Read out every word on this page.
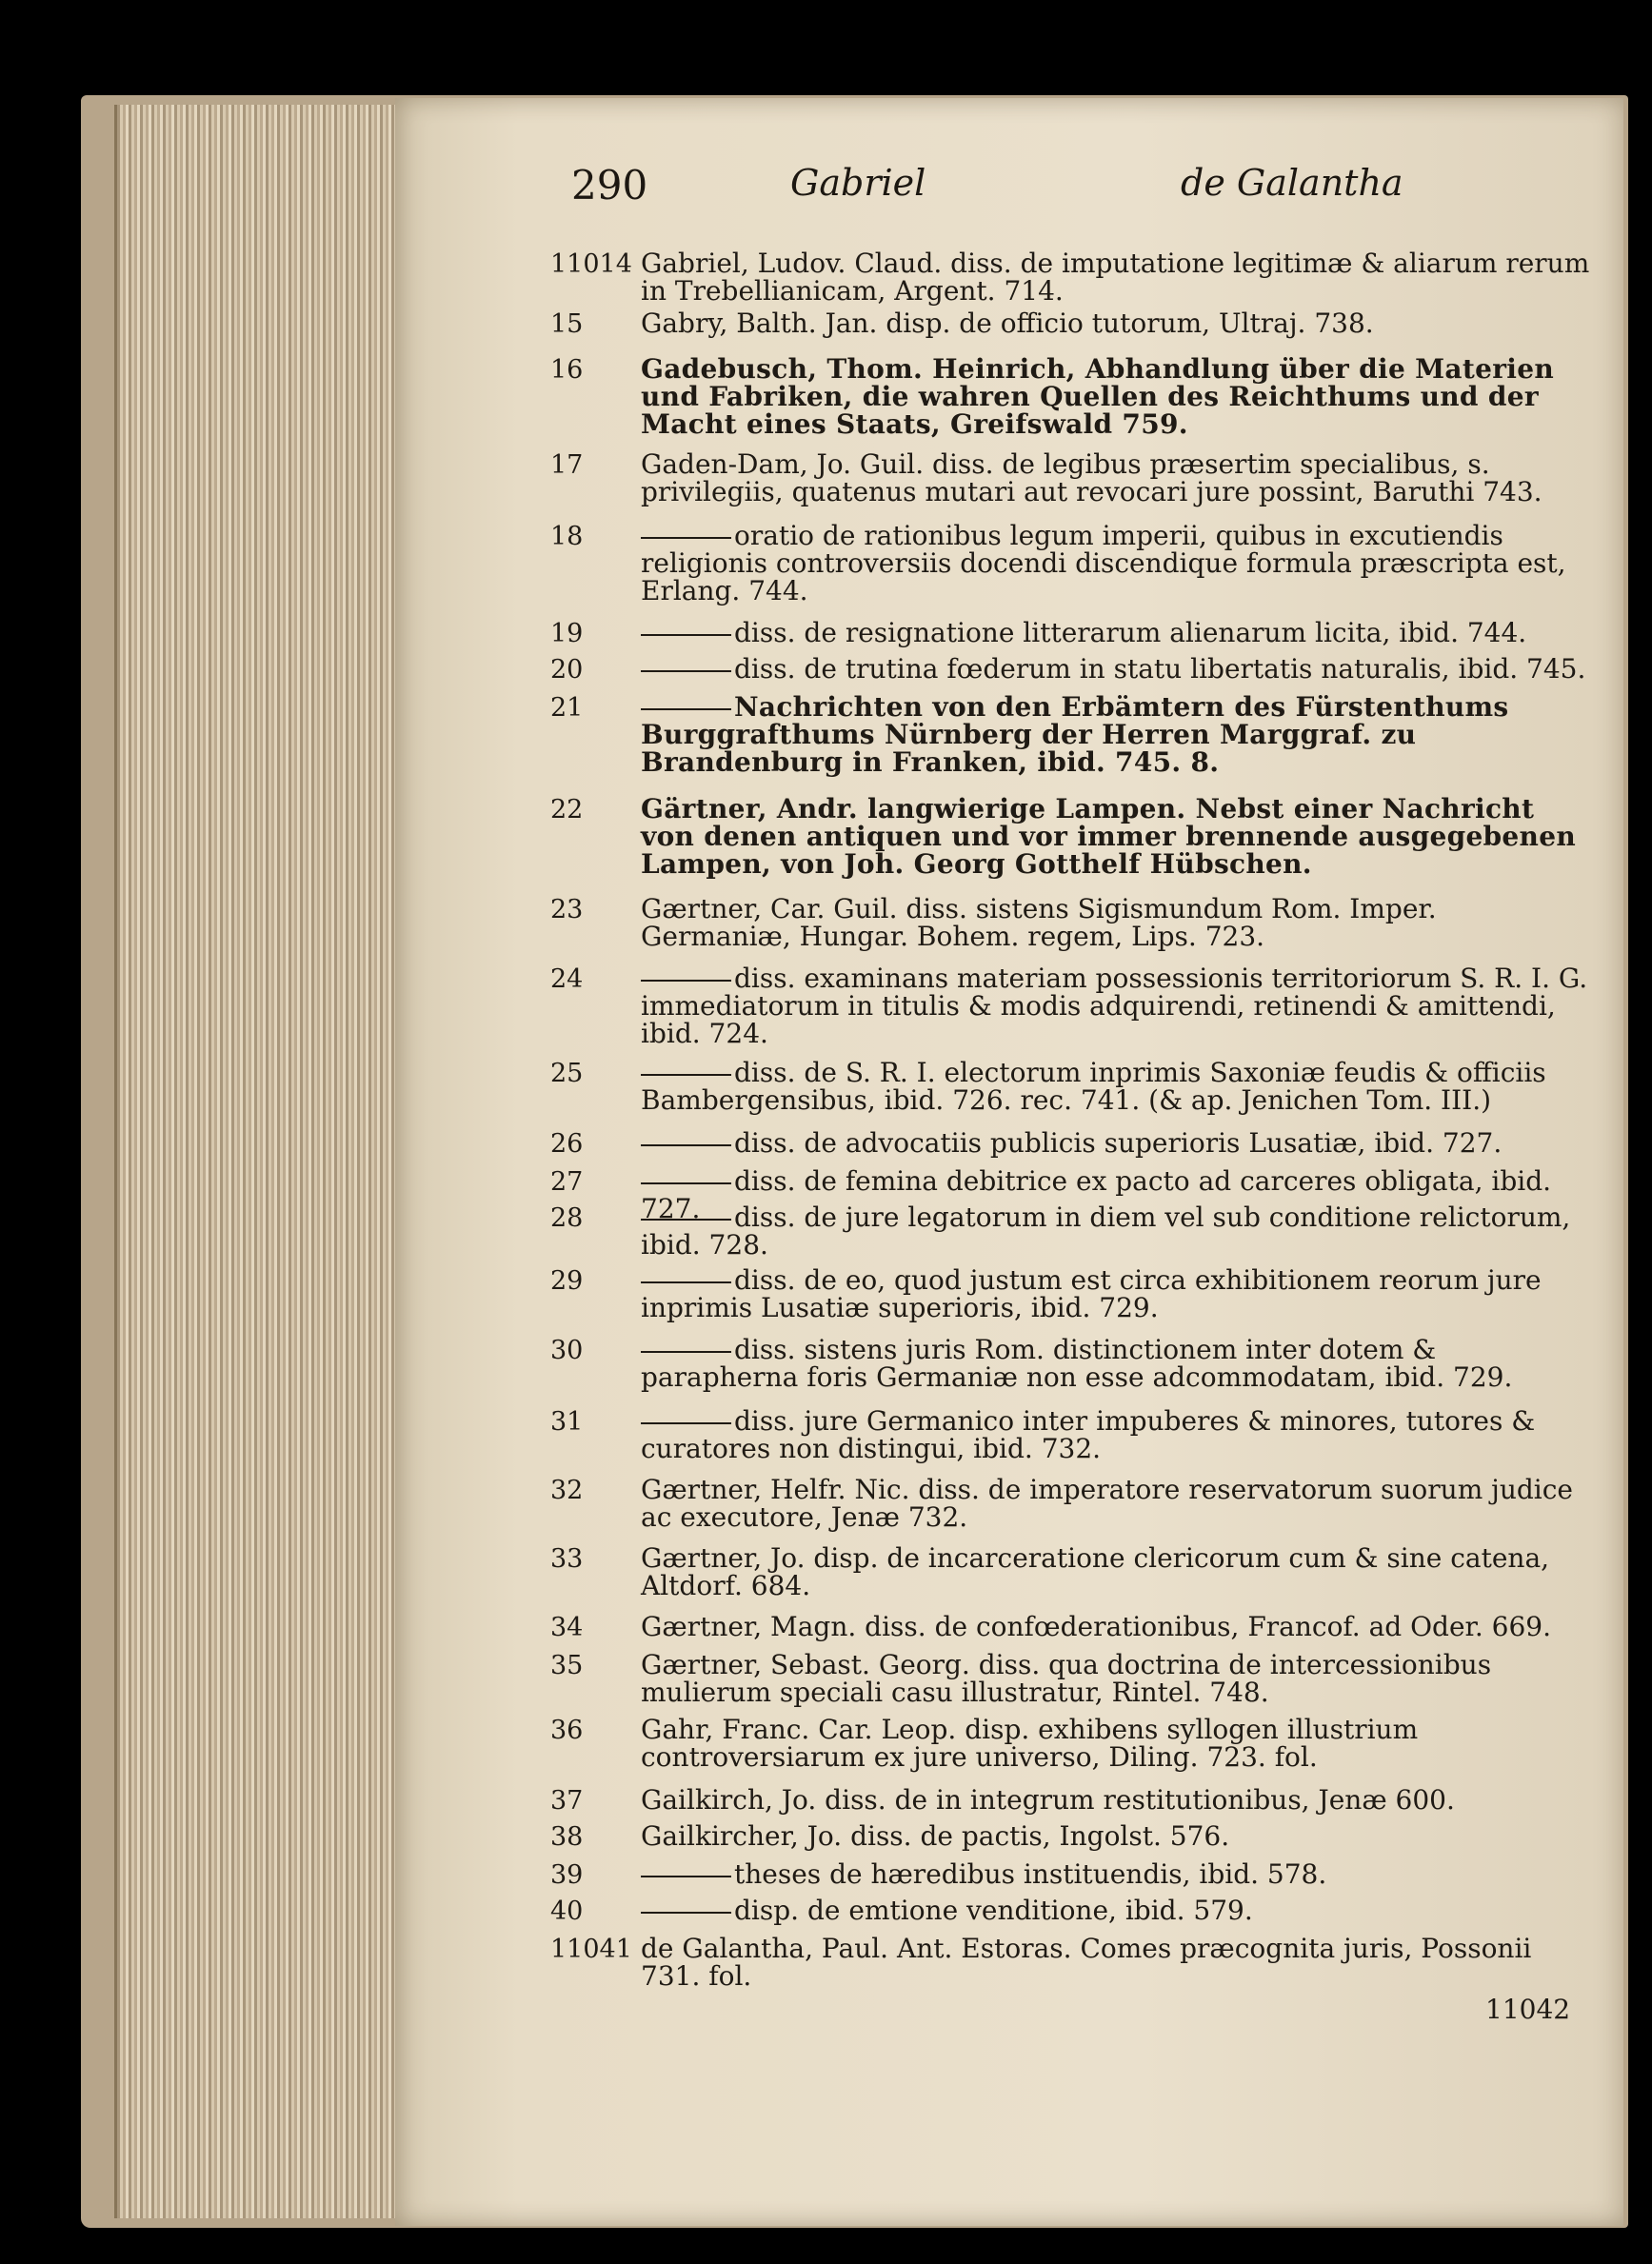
290	Gabriel	de Galantha
11014 Gabriel, Ludov. Claud. diss. de imputatione legitimæ & aliarum rerum in Trebellianicam, Argent. 714.
15	Gabry, Balth. Jan. disp. de officio tutorum, Ultraj. 738.
16	Gadebusch, Thom. Heinrich, Abhandlung über die Materien und Fabriken, die wahren Quellen des Reichthums und der Macht eines Staats, Greifswald 759.
17	Gaden-Dam, Jo. Guil. diss. de legibus præsertim specialibus, s. privilegiis, quatenus mutari aut revocari jure possint, Baruthi 743.
18	oratio de rationibus legum imperii, quibus in excutiendis religionis controversiis docendi discendique formula præscripta est, Erlang. 744.
19	diss. de resignatione litterarum alienarum licita, ibid. 744.
20	diss. de trutina fœderum in statu libertatis naturalis, ibid. 745.
21	Nachrichten von den Erbämtern des Fürstenthums Burggrafthums Nürnberg der Herren Marggraf. zu Brandenburg in Franken, ibid. 745. 8.
22	Gärtner, Andr. langwierige Lampen. Nebst einer Nachricht von denen antiquen und vor immer brennende ausgegebenen Lampen, von Joh. Georg Gotthelf Hübschen.
23	Gærtner, Car. Guil. diss. sistens Sigismundum Rom. Imper. Germaniæ, Hungar. Bohem. regem, Lips. 723.
24	diss. examinans materiam possessionis territoriorum S. R. I. G. immediatorum in titulis & modis adquirendi, retinendi & amittendi, ibid. 724.
25	diss. de S. R. I. electorum inprimis Saxoniæ feudis & officiis Bambergensibus, ibid. 726. rec. 741. (& ap. Jenichen Tom. III.)
26	diss. de advocatiis publicis superioris Lusatiæ, ibid. 727.
27	diss. de femina debitrice ex pacto ad carceres obligata, ibid. 727.
28	diss. de jure legatorum in diem vel sub conditione relictorum, ibid. 728.
29	diss. de eo, quod justum est circa exhibitionem reorum jure inprimis Lusatiæ superioris, ibid. 729.
30	diss. sistens juris Rom. distinctionem inter dotem & parapherna foris Germaniæ non esse adcommodatam, ibid. 729.
31	diss. jure Germanico inter impuberes & minores, tutores & curatores non distingui, ibid. 732.
32	Gærtner, Helfr. Nic. diss. de imperatore reservatorum suorum judice ac executore, Jenæ 732.
33	Gærtner, Jo. disp. de incarceratione clericorum cum & sine catena, Altdorf. 684.
34	Gærtner, Magn. diss. de confœderationibus, Francof. ad Oder. 669.
35	Gærtner, Sebast. Georg. diss. qua doctrina de intercessionibus mulierum speciali casu illustratur, Rintel. 748.
36	Gahr, Franc. Car. Leop. disp. exhibens syllogen illustrium controversiarum ex jure universo, Diling. 723. fol.
37	Gailkirch, Jo. diss. de in integrum restitutionibus, Jenæ 600.
38	Gailkircher, Jo. diss. de pactis, Ingolst. 576.
39	theses de hæredibus instituendis, ibid. 578.
40	disp. de emtione venditione, ibid. 579.
11041 de Galantha, Paul. Ant. Estoras. Comes præcognita juris, Possonii 731. fol.
11042
